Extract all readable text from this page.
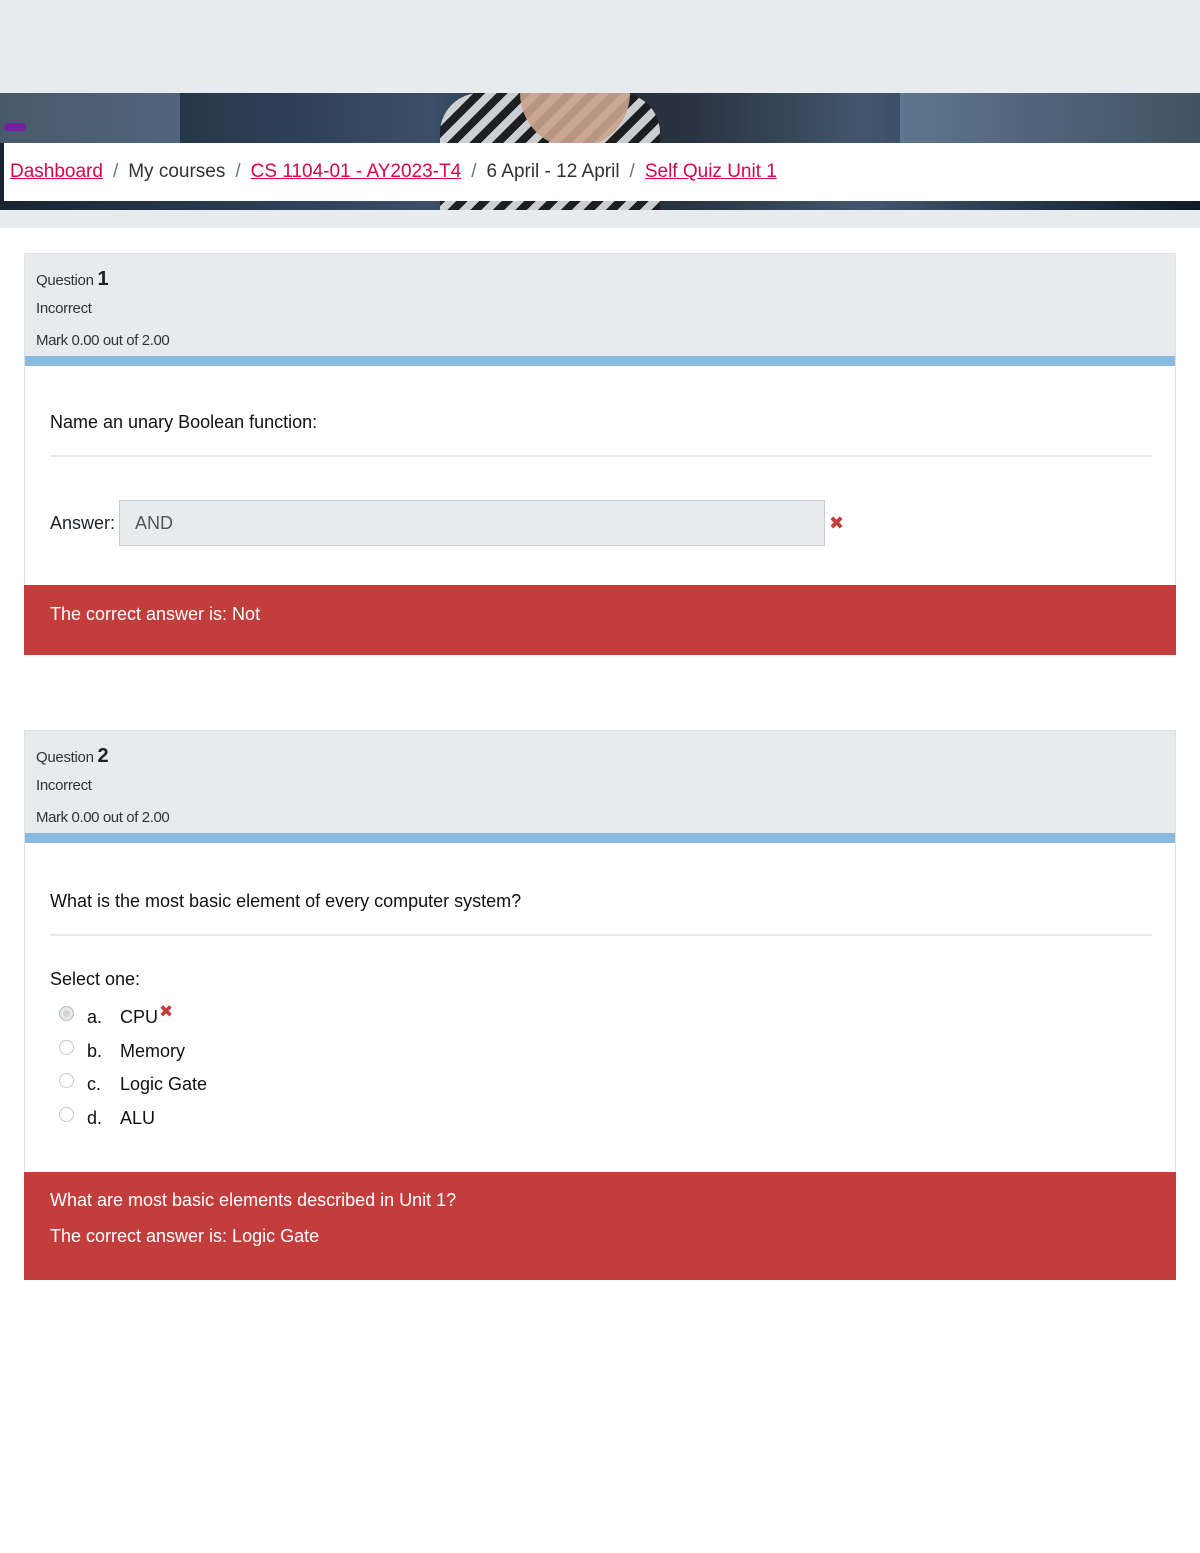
Dashboard / My courses / CS 1104-01 - AY2023-T4 / 6 April - 12 April / Self Quiz Unit 1
Question 1
Incorrect
Mark 0.00 out of 2.00
Name an unary Boolean function:
Answer:	AND	✖
The correct answer is: Not
Question 2
Incorrect
Mark 0.00 out of 2.00
What is the most basic element of every computer system?
Select one:
a. CPU ✖
b. Memory
c.	Logic Gate
d. ALU
What are most basic elements described in Unit 1?
The correct answer is: Logic Gate
